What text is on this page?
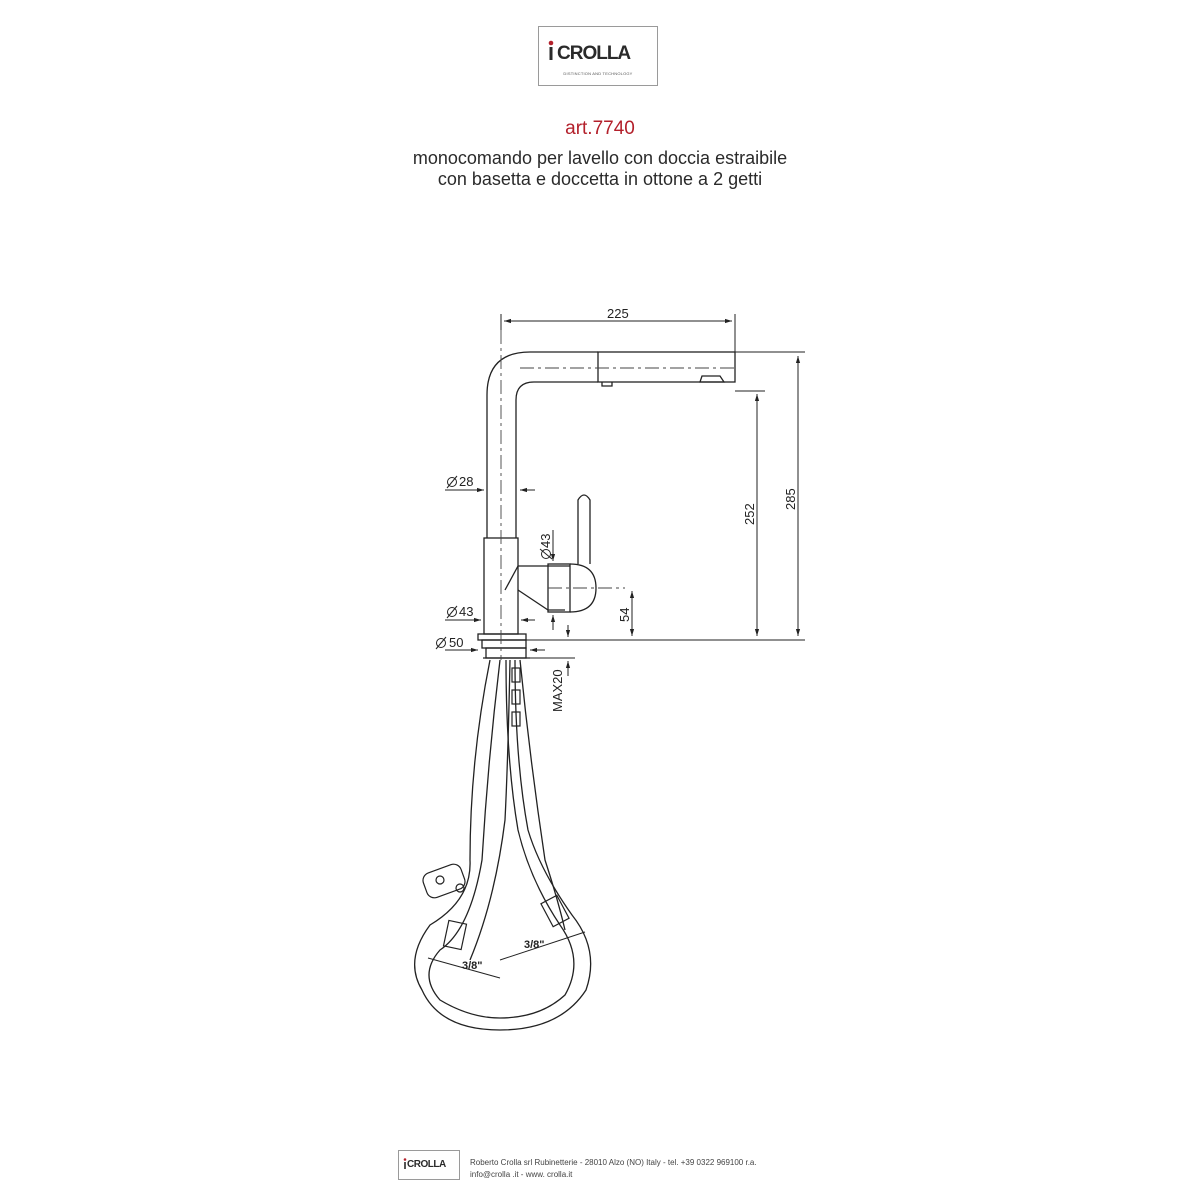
CROLLA
DISTINCTION AND TECHNOLOGY
art.7740
monocomando per lavello con doccia estraibile
con basetta e doccetta in ottone a 2 getti
225
285
252
54
MAX20
28
43
50
43
3/8"
3/8"
CROLLA	Roberto Crolla srl Rubinetterie - 28010 Alzo (NO) Italy - tel. +39 0322 969100 r.a.
info@crolla .it - www. crolla.it
